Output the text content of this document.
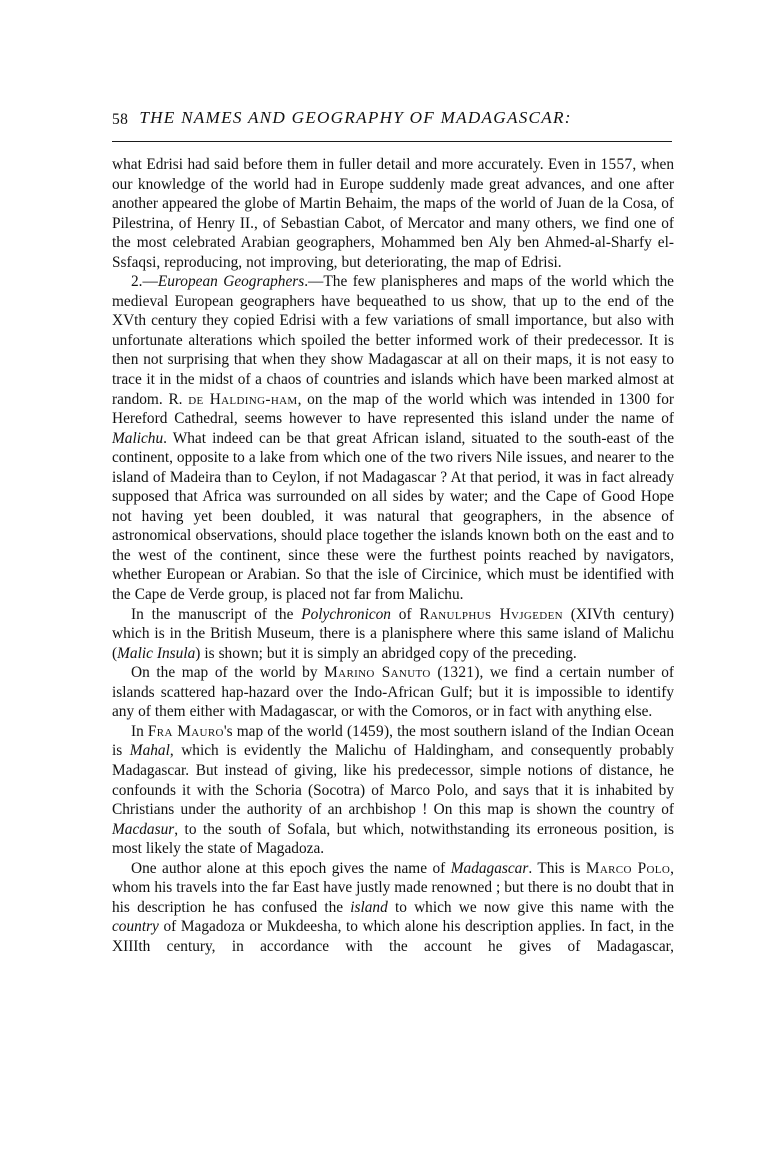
58 THE NAMES AND GEOGRAPHY OF MADAGASCAR:

what Edrisi had said before them in fuller detail and more accurately. Even in 1557, when our knowledge of the world had in Europe suddenly made great advances, and one after another appeared the globe of Martin Behaim, the maps of the world of Juan de la Cosa, of Pilestrina, of Henry II., of Sebastian Cabot, of Mercator and many others, we find one of the most celebrated Arabian geographers, Mohammed ben Aly ben Ahmed-al-Sharfy el-Ssfaqsi, reproducing, not improving, but deteriorating, the map of Edrisi.

2.—European Geographers.—The few planispheres and maps of the world which the medieval European geographers have bequeathed to us show, that up to the end of the XVth century they copied Edrisi with a few variations of small importance, but also with unfortunate alterations which spoiled the better informed work of their predecessor. It is then not surprising that when they show Madagascar at all on their maps, it is not easy to trace it in the midst of a chaos of countries and islands which have been marked almost at random. R. de Halding-ham, on the map of the world which was intended in 1300 for Hereford Cathedral, seems however to have represented this island under the name of Malichu. What indeed can be that great African island, situated to the south-east of the continent, opposite to a lake from which one of the two rivers Nile issues, and nearer to the island of Madeira than to Ceylon, if not Madagascar ? At that period, it was in fact already supposed that Africa was surrounded on all sides by water; and the Cape of Good Hope not having yet been doubled, it was natural that geographers, in the absence of astronomical observations, should place together the islands known both on the east and to the west of the continent, since these were the furthest points reached by navigators, whether European or Arabian. So that the isle of Circinice, which must be identified with the Cape de Verde group, is placed not far from Malichu.

In the manuscript of the Polychronicon of Ranulphus Hvjgeden (XIVth century) which is in the British Museum, there is a planisphere where this same island of Malichu (Malic Insula) is shown; but it is simply an abridged copy of the preceding.

On the map of the world by Marino Sanuto (1321), we find a certain number of islands scattered hap-hazard over the Indo-African Gulf; but it is impossible to identify any of them either with Madagascar, or with the Comoros, or in fact with anything else.

In Fra Mauro's map of the world (1459), the most southern island of the Indian Ocean is Mahal, which is evidently the Malichu of Haldingham, and consequently probably Madagascar. But instead of giving, like his predecessor, simple notions of distance, he confounds it with the Schoria (Socotra) of Marco Polo, and says that it is inhabited by Christians under the authority of an archbishop ! On this map is shown the country of Macdasur, to the south of Sofala, but which, notwithstanding its erroneous position, is most likely the state of Magadoza.

One author alone at this epoch gives the name of Madagascar. This is Marco Polo, whom his travels into the far East have justly made renowned ; but there is no doubt that in his description he has confused the island to which we now give this name with the country of Magadoza or Mukdeesha, to which alone his description applies. In fact, in the XIIIth century, in accordance with the account he gives of Madagascar,
